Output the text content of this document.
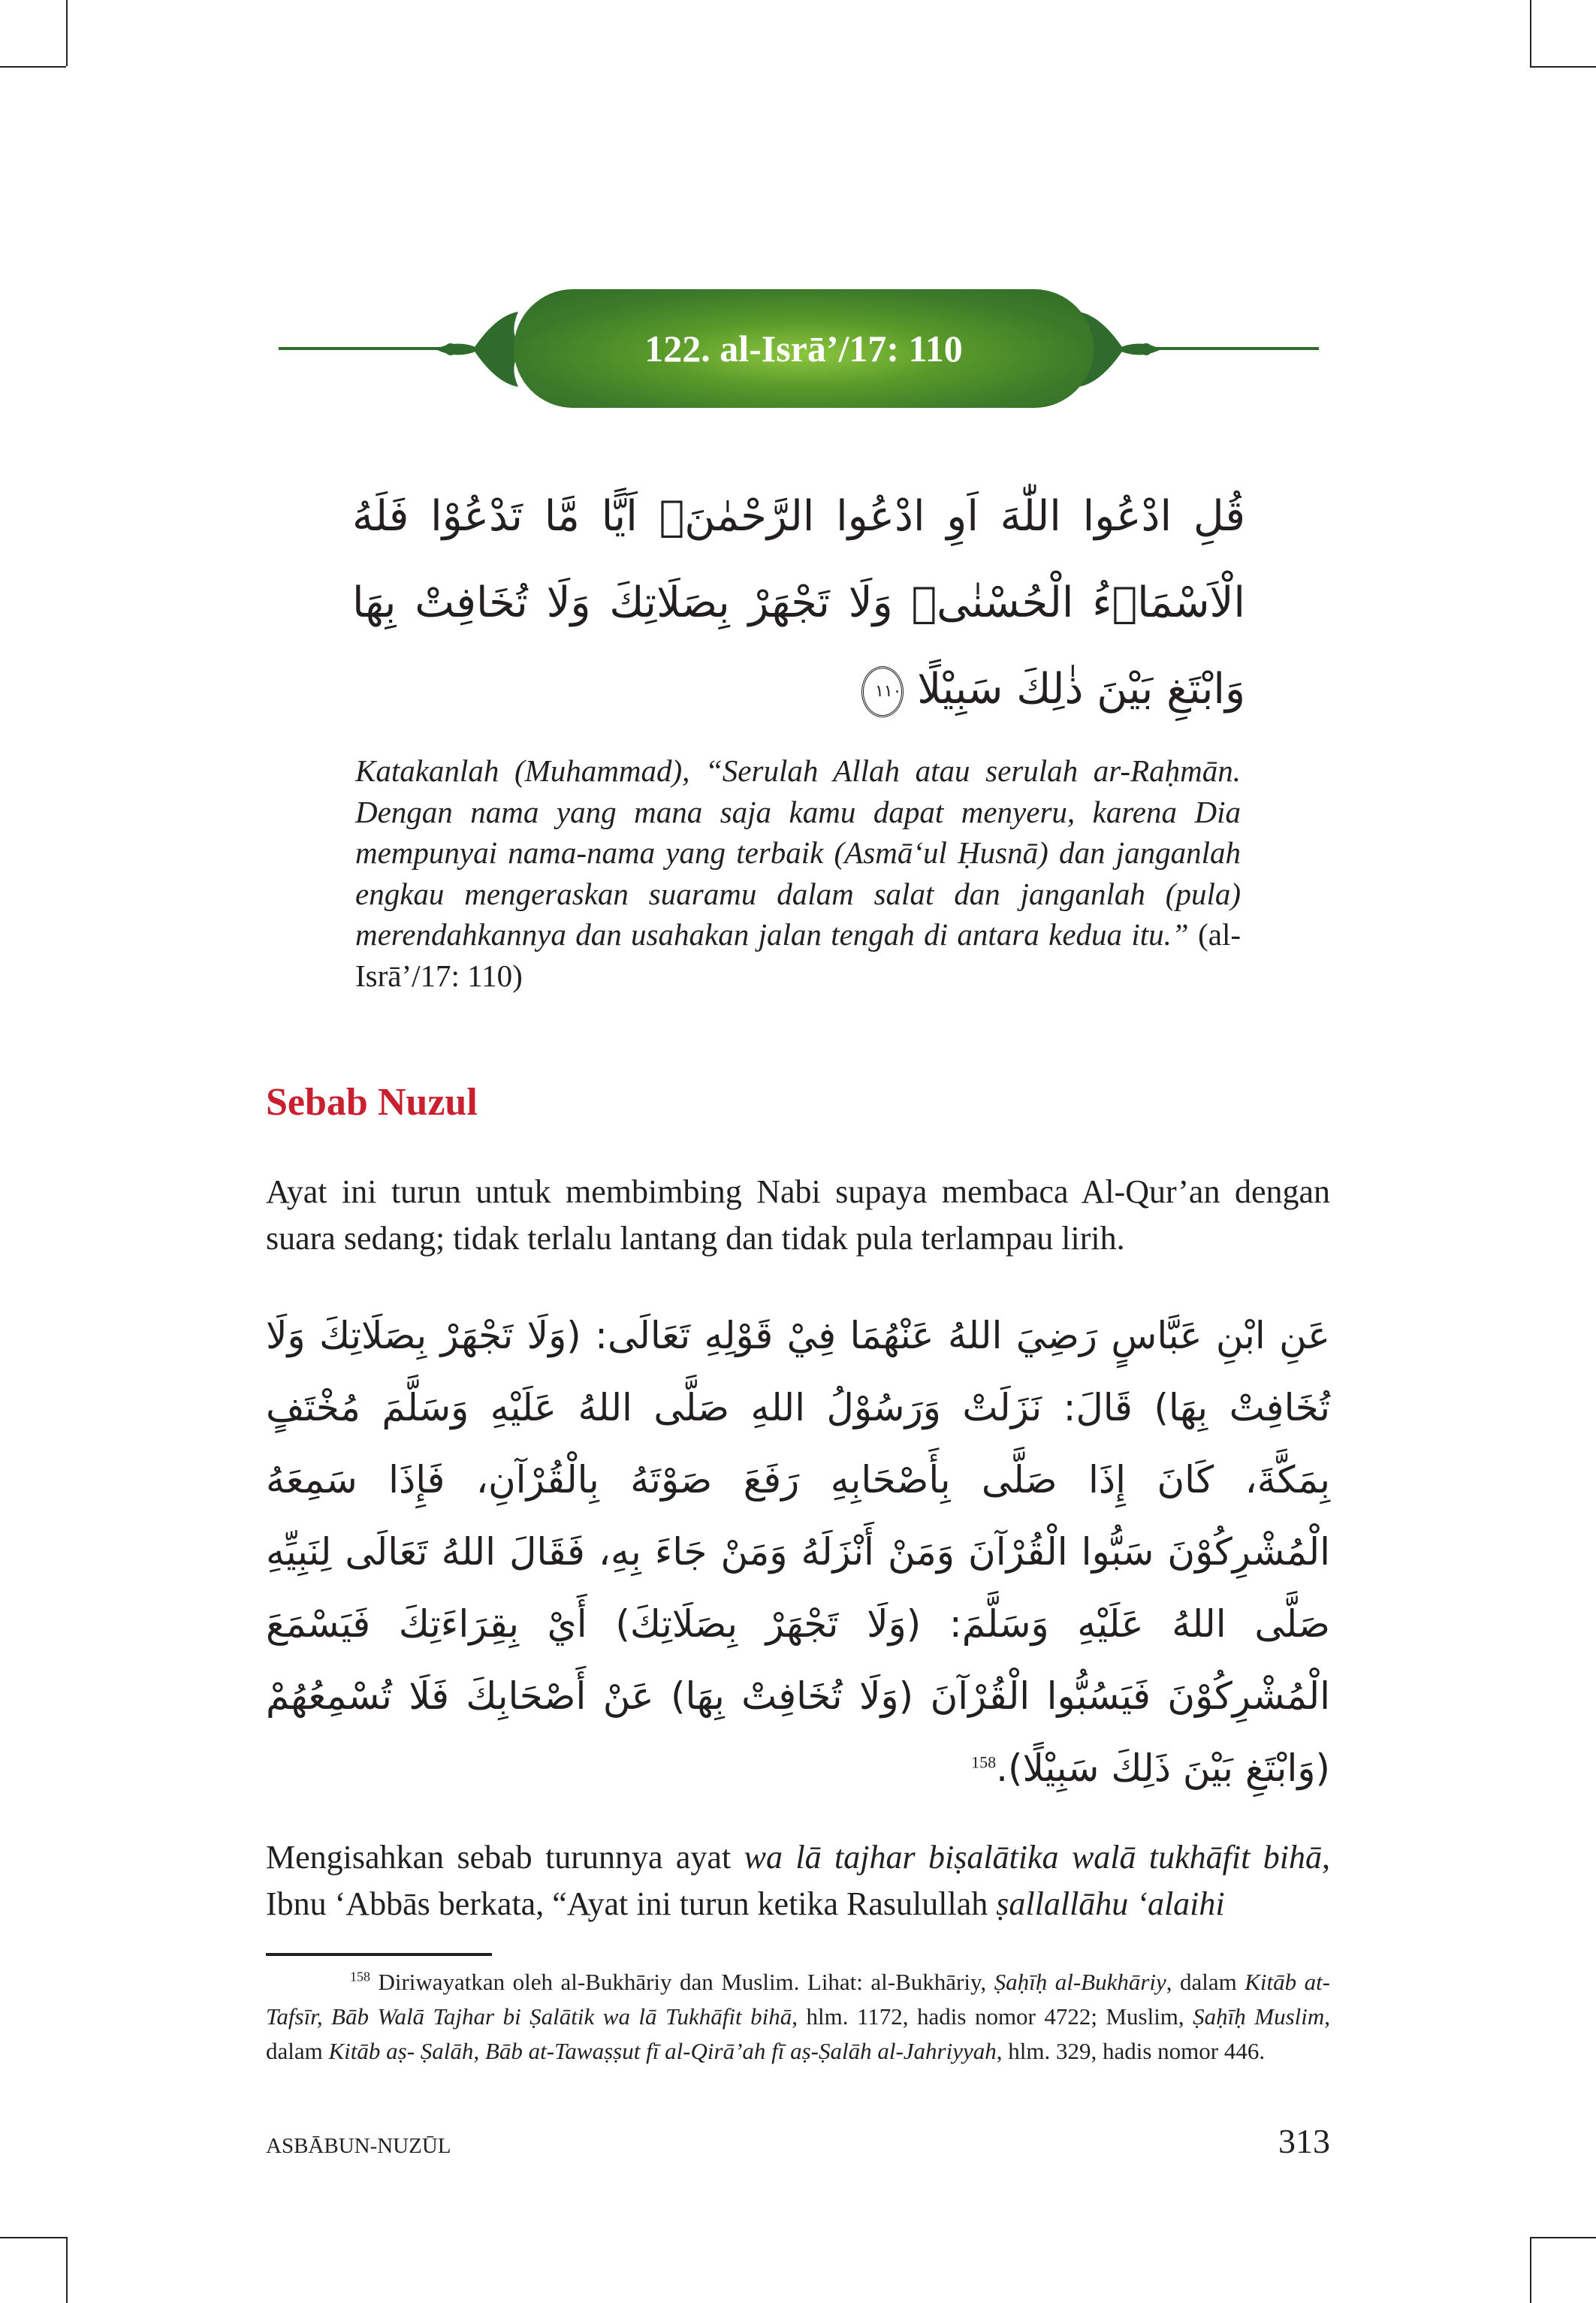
122. al-Isrā’/17: 110
قُلِ ادْعُوا اللّٰهَ اَوِ ادْعُوا الرَّحْمٰنَۗ اَيًّا مَّا تَدْعُوْا فَلَهُ الْاَسْمَاۤءُ الْحُسْنٰىۚ وَلَا تَجْهَرْ بِصَلَاتِكَ وَلَا تُخَافِتْ بِهَا وَابْتَغِ بَيْنَ ذٰلِكَ سَبِيْلًا ١١٠
Katakanlah (Muhammad), “Serulah Allah atau serulah ar-Raḥmān. Dengan nama yang mana saja kamu dapat menyeru, karena Dia mempunyai nama-nama yang terbaik (Asmā‘ul Ḥusnā) dan janganlah engkau mengeraskan suaramu dalam salat dan janganlah (pula) merendahkannya dan usahakan jalan tengah di antara kedua itu.” (al-Isrā’/17: 110)
Sebab Nuzul
Ayat ini turun untuk membimbing Nabi supaya membaca Al-Qur’an dengan suara sedang; tidak terlalu lantang dan tidak pula terlampau lirih.
عَنِ ابْنِ عَبَّاسٍ رَضِيَ اللهُ عَنْهُمَا فِيْ قَوْلِهِ تَعَالَى: (وَلَا تَجْهَرْ بِصَلَاتِكَ وَلَا تُخَافِتْ بِهَا) قَالَ: نَزَلَتْ وَرَسُوْلُ اللهِ صَلَّى اللهُ عَلَيْهِ وَسَلَّمَ مُخْتَفٍ بِمَكَّةَ، كَانَ إِذَا صَلَّى بِأَصْحَابِهِ رَفَعَ صَوْتَهُ بِالْقُرْآنِ، فَإِذَا سَمِعَهُ الْمُشْرِكُوْنَ سَبُّوا الْقُرْآنَ وَمَنْ أَنْزَلَهُ وَمَنْ جَاءَ بِهِ، فَقَالَ اللهُ تَعَالَى لِنَبِيِّهِ صَلَّى اللهُ عَلَيْهِ وَسَلَّمَ: (وَلَا تَجْهَرْ بِصَلَاتِكَ) أَيْ بِقِرَاءَتِكَ فَيَسْمَعَ الْمُشْرِكُوْنَ فَيَسُبُّوا الْقُرْآنَ (وَلَا تُخَافِتْ بِهَا) عَنْ أَصْحَابِكَ فَلَا تُسْمِعُهُمْ (وَابْتَغِ بَيْنَ ذَلِكَ سَبِيْلًا).$^{158}$
Mengisahkan sebab turunnya ayat wa lā tajhar biṣalātika walā tukhāfit bihā, Ibnu ‘Abbās berkata, “Ayat ini turun ketika Rasulullah ṣallallāhu ‘alaihi
$^{158}$ Diriwayatkan oleh al-Bukhāriy dan Muslim. Lihat: al-Bukhāriy, Ṣaḥīḥ al-Bukhāriy, dalam Kitāb at-Tafsīr, Bāb Walā Tajhar bi Ṣalātik wa lā Tukhāfit bihā, hlm. 1172, hadis nomor 4722; Muslim, Ṣaḥīḥ Muslim, dalam Kitāb aṣ- Ṣalāh, Bāb at-Tawaṣṣut fī al-Qirā’ah fī aṣ-Ṣalāh al-Jahriyyah, hlm. 329, hadis nomor 446.
ASBĀBUN-NUZŪL	313
